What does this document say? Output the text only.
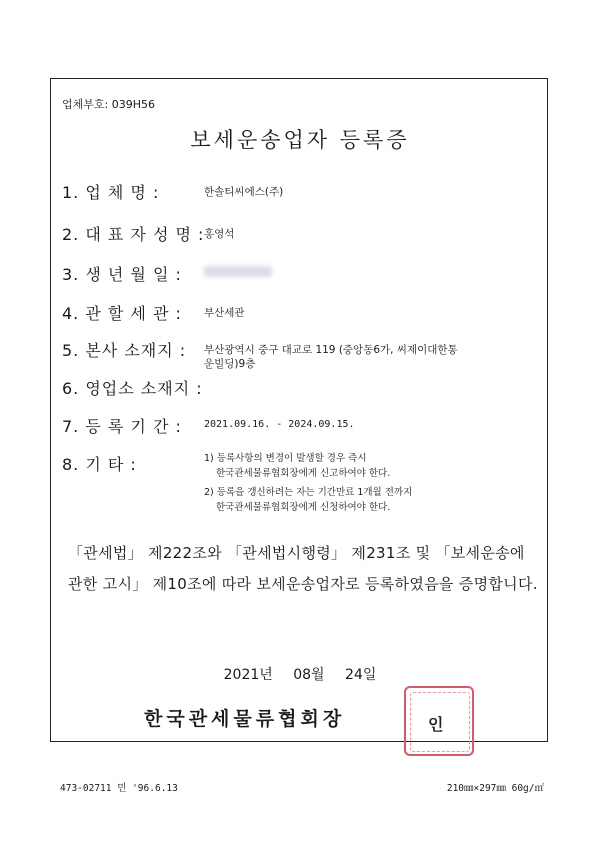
업체부호: 039H56
보세운송업자 등록증
1. 업 체 명 :	한솔티씨에스(주)
2. 대 표 자 성 명 : 홍영석
3. 생 년 월 일 :
4. 관 할 세 관 : 부산세관
5. 본사 소재지 : 부산광역시 중구 대교로 119 (중앙동6가, 씨제이대한통
운빌딩)9층
6. 영업소 소재지 :
7. 등 록 기 간 : 2021.09.16. - 2024.09.15.
8. 기 타 :	1) 등록사항의 변경이 발생할 경우 즉시
한국관세물류협회장에게 신고하여야 한다.
2) 등록을 갱신하려는 자는 기간만료 1개월 전까지
한국관세물류협회장에게 신청하여야 한다.
「관세법」 제222조와 「관세법시행령」 제231조 및 「보세운송에 관한 고시」 제10조에 따라 보세운송업자로 등록하였음을 증명합니다.
2021년 08월 24일
한국관세물류협회장	인
473-02711 민 '96.6.13	210㎜×297㎜ 60g/㎡
